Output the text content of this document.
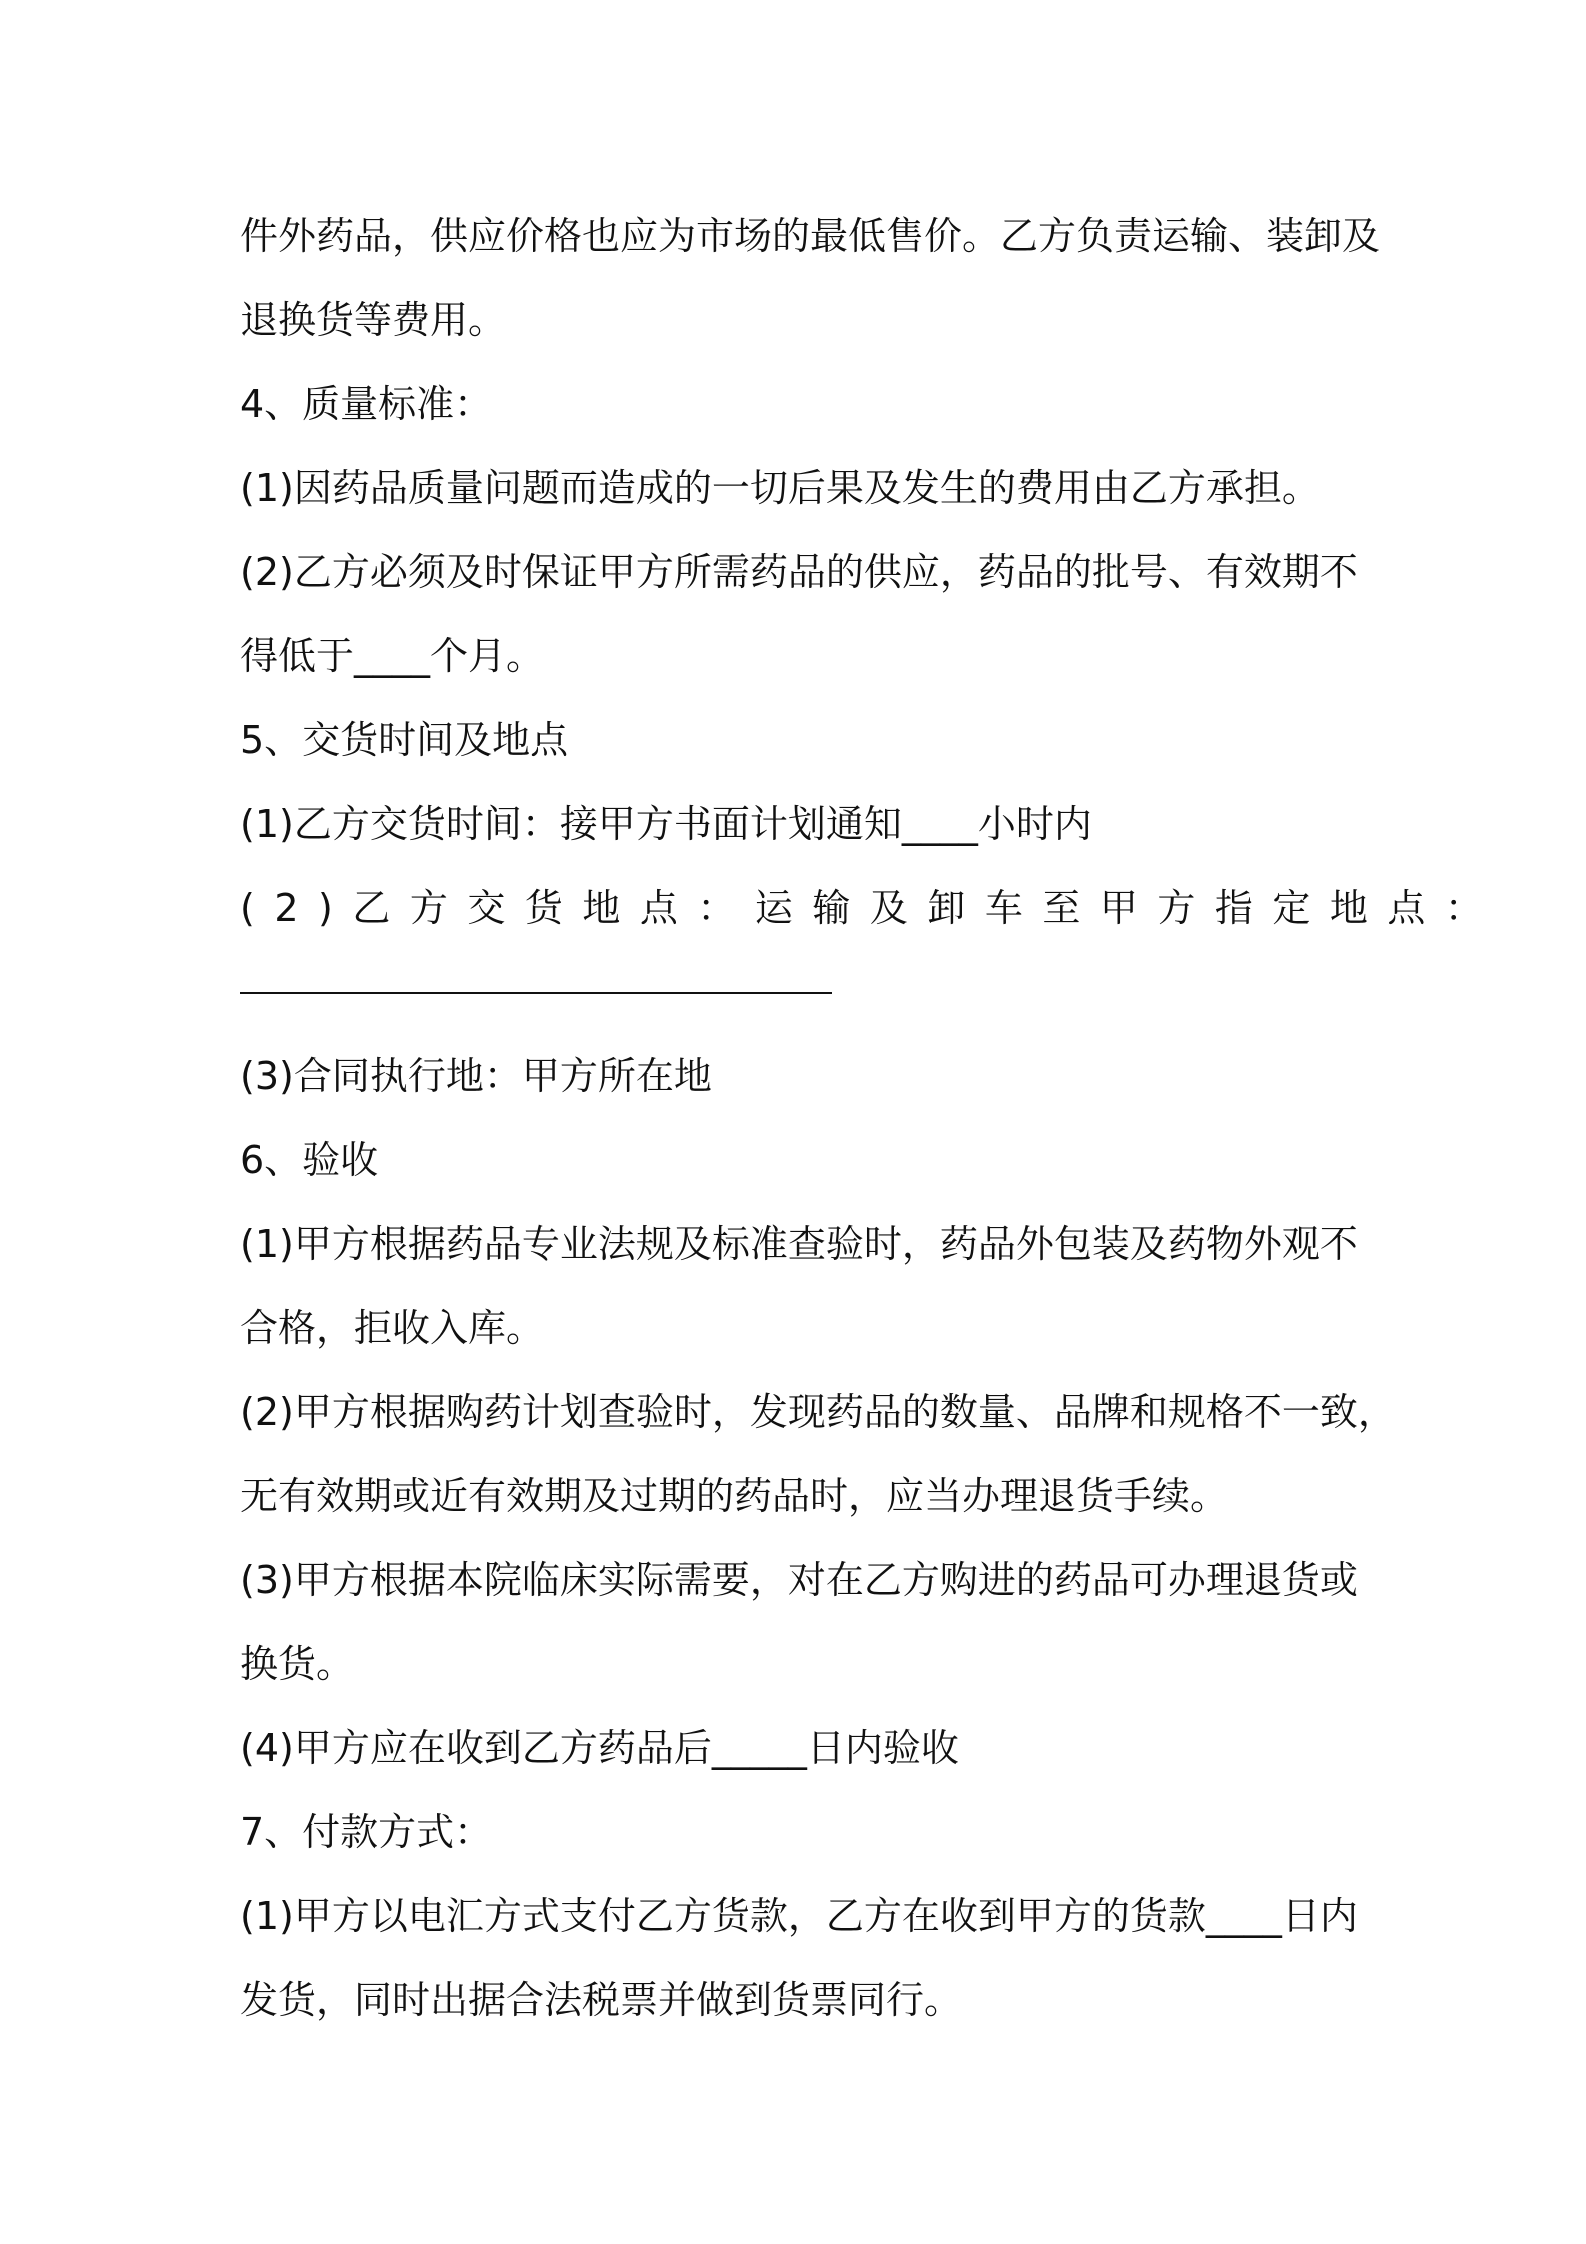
件外药品，供应价格也应为市场的最低售价。乙方负责运输、装卸及

退换货等费用。

4、质量标准：

(1)因药品质量问题而造成的一切后果及发生的费用由乙方承担。

(2)乙方必须及时保证甲方所需药品的供应，药品的批号、有效期不

得低于____个月。

5、交货时间及地点

(1)乙方交货时间：接甲方书面计划通知____小时内

(2)乙方交货地点：运输及卸车至甲方指定地点：

(3)合同执行地：甲方所在地

6、验收

(1)甲方根据药品专业法规及标准查验时，药品外包装及药物外观不

合格，拒收入库。

(2)甲方根据购药计划查验时，发现药品的数量、品牌和规格不一致，

无有效期或近有效期及过期的药品时，应当办理退货手续。

(3)甲方根据本院临床实际需要，对在乙方购进的药品可办理退货或

换货。

(4)甲方应在收到乙方药品后_____日内验收

7、付款方式：

(1)甲方以电汇方式支付乙方货款，乙方在收到甲方的货款____日内

发货，同时出据合法税票并做到货票同行。
